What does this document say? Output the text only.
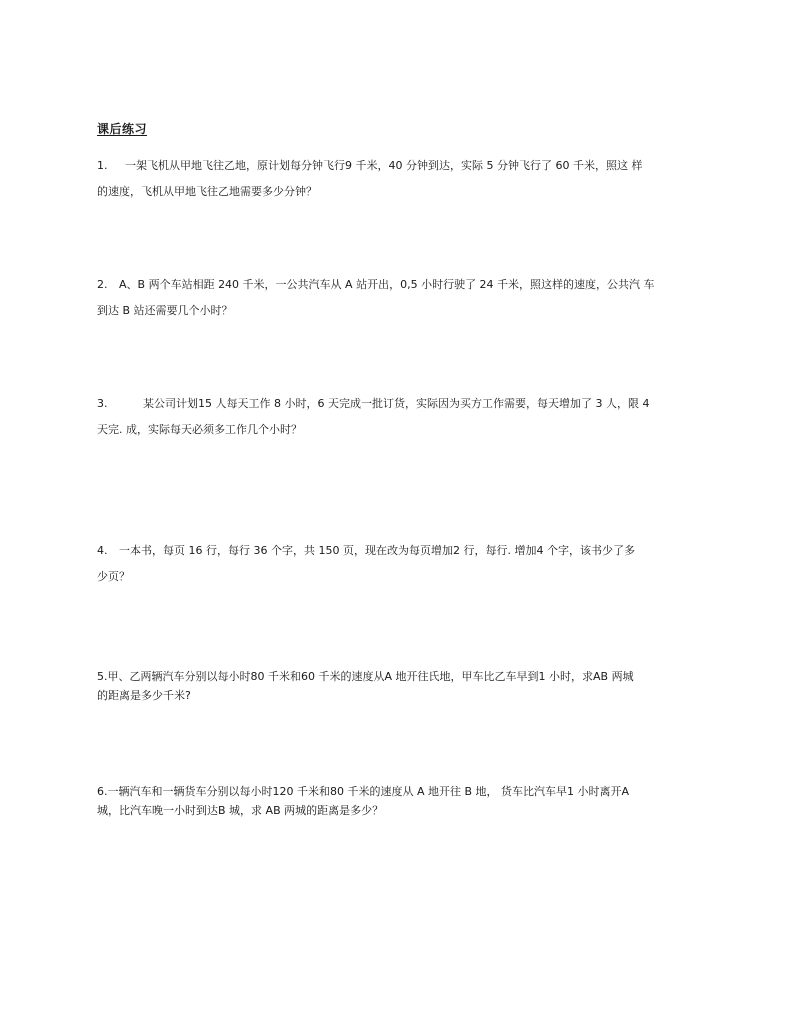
课后练习
1. 一架飞机从甲地飞往乙地，原计划每分钟飞行9 千米，40 分钟到达，实际 5 分钟飞行了 60 千米，照这 样
的速度，飞机从甲地飞往乙地需要多少分钟？
2. A、B 两个车站相距 240 千米，一公共汽车从 A 站开出，0,5 小时行驶了 24 千米，照这样的速度，公共汽 车
到达 B 站还需要几个小时？
3.	某公司计划15 人每天工作 8 小时，6 天完成一批订货，实际因为买方工作需要，每天增加了 3 人，限 4
天完. 成，实际每天必须多工作几个小时？
4. 一本书，每页 16 行，每行 36 个字，共 150 页，现在改为每页增加2 行，每行. 增加4 个字，该书少了多
少页？
5.甲、乙两辆汽车分别以每小时80 千米和60 千米的速度从A 地开往氏地，甲车比乙车早到1 小时，求AB 两城
的距离是多少千米?
6.一辆汽车和一辆货车分别以每小时120 千米和80 千米的速度从 A 地开往 B 地， 货车比汽车早1 小时离开A
城，比汽车晚一小时到达B 城，求 AB 两城的距离是多少？
